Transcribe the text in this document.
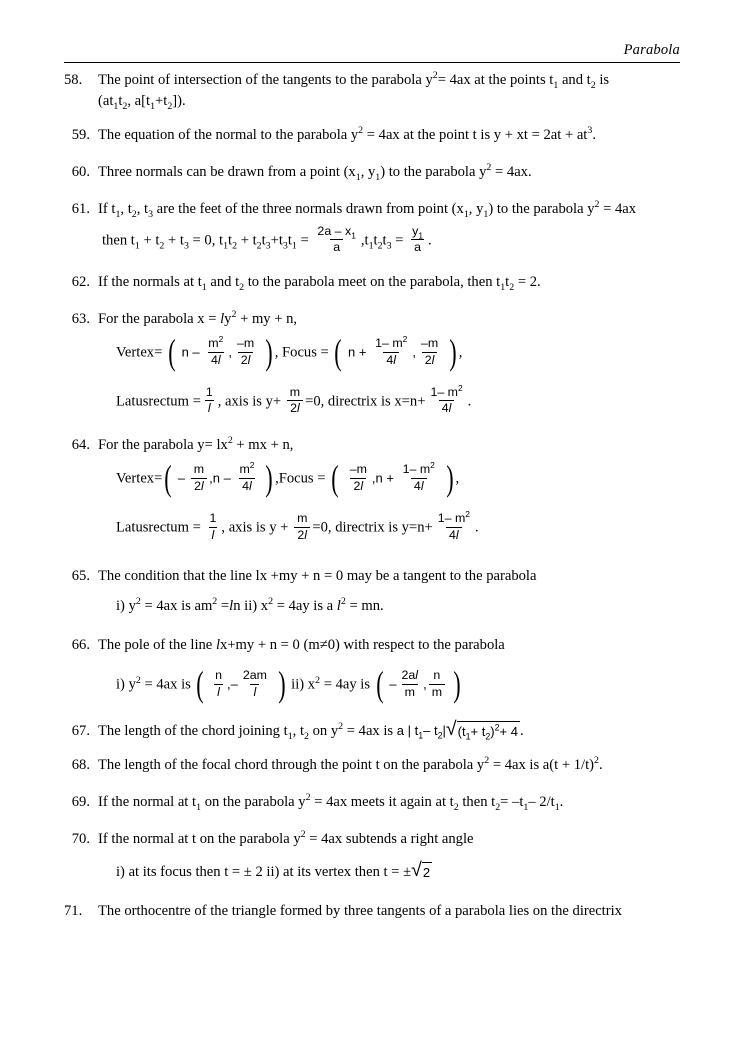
Parabola
58.	The point of intersection of the tangents to the parabola $y^2= 4ax$ at the points $t_1$ and $t_2$ is
($at_1t_2$, $a[t_1+t_2]$).
59. The equation of the normal to the parabola $y^2 = 4ax$ at the point t is y + xt = $2at + at^3$.
60. Three normals can be drawn from a point ($x_1$, $y_1$) to the parabola $y^2 = 4ax$.
61. If $t_1$, $t_2$, $t_3$ are the feet of the three normals drawn from point ($x_1$, $y_1$) to the parabola $y^2 = 4ax$
then $t_1 + t_2 + t_3 = 0$, $t_1t_2 + t_2t_3+t_3t_1 = \frac{2a - x_1}{a} ,t_1t_2t_3 = \frac{y_1}{a}$ .
62. If the normals at $t_1$ and $t_2$ to the parabola meet on the parabola, then $t_1t_2 = 2$.
63. For the parabola $x = ly^2$ + my + n,
Vertex= ( n – $\frac{m^2}{4l}$ , $\frac{-m}{2l}$ ) , Focus = ( $n + \frac{1- m^2}{4l}$ , $\frac{-m}{2l}$ ) ,
Latusrectum = $\frac{1}{l}$ , axis is $y+ \frac{m}{2l} =0$, directrix is $x=n+ \frac{1- m^2}{4l}$ .
64. For the parabola $y= lx^2$ + mx + n,
Vertex=( – $\frac{m}{2l} ,n - \frac{m^2}{4l}$ ) ,Focus = ( $\frac{-m}{2l} ,n + \frac{1- m^2}{4l}$ ) ,
Latusrectum = $\frac{1}{l}$ , axis is $y + \frac{m}{2l} =0$, directrix is $y=n+ \frac{1- m^2}{4l}$ .
65. The condition that the line lx +my + n = 0 may be a tangent to the parabola
i) $y^2 = 4ax$ is $am^2 =\ln$ ii) $x^2 = 4ay$ is a $l^2$ = mn.
66. The pole of the line lx+my + n = 0 (m≠0) with respect to the parabola
i) $y^2 = 4ax$ is ( $\frac{n}{l}$ ,– $\frac{2am}{l}$ ) ii) $x^2 = 4ay$ is ( – $\frac{2al}{m}$ , $\frac{n}{m}$ )
67. The length of the chord joining $t_1$, $t_2$ on $y^2 = 4ax$ is a | $t_1-$ $t_2|$ √ $(t_1+ t_2)^2+ 4$ .
68. The length of the focal chord through the point t on the parabola $y^2 = 4ax$ is $a(t + 1/t)^2$.
69. If the normal at $t_1$ on the parabola $y^2 = 4ax$ meets it again at $t_2$ then $t_2= -t_1-$ $2/t_1$.
70. If the normal at t on the parabola $y^2 = 4ax$ subtends a right angle
i) at its focus then t = ± 2 ii) at its vertex then t = ± √ 2
71.	The orthocentre of the triangle formed by three tangents of a parabola lies on the directrix
